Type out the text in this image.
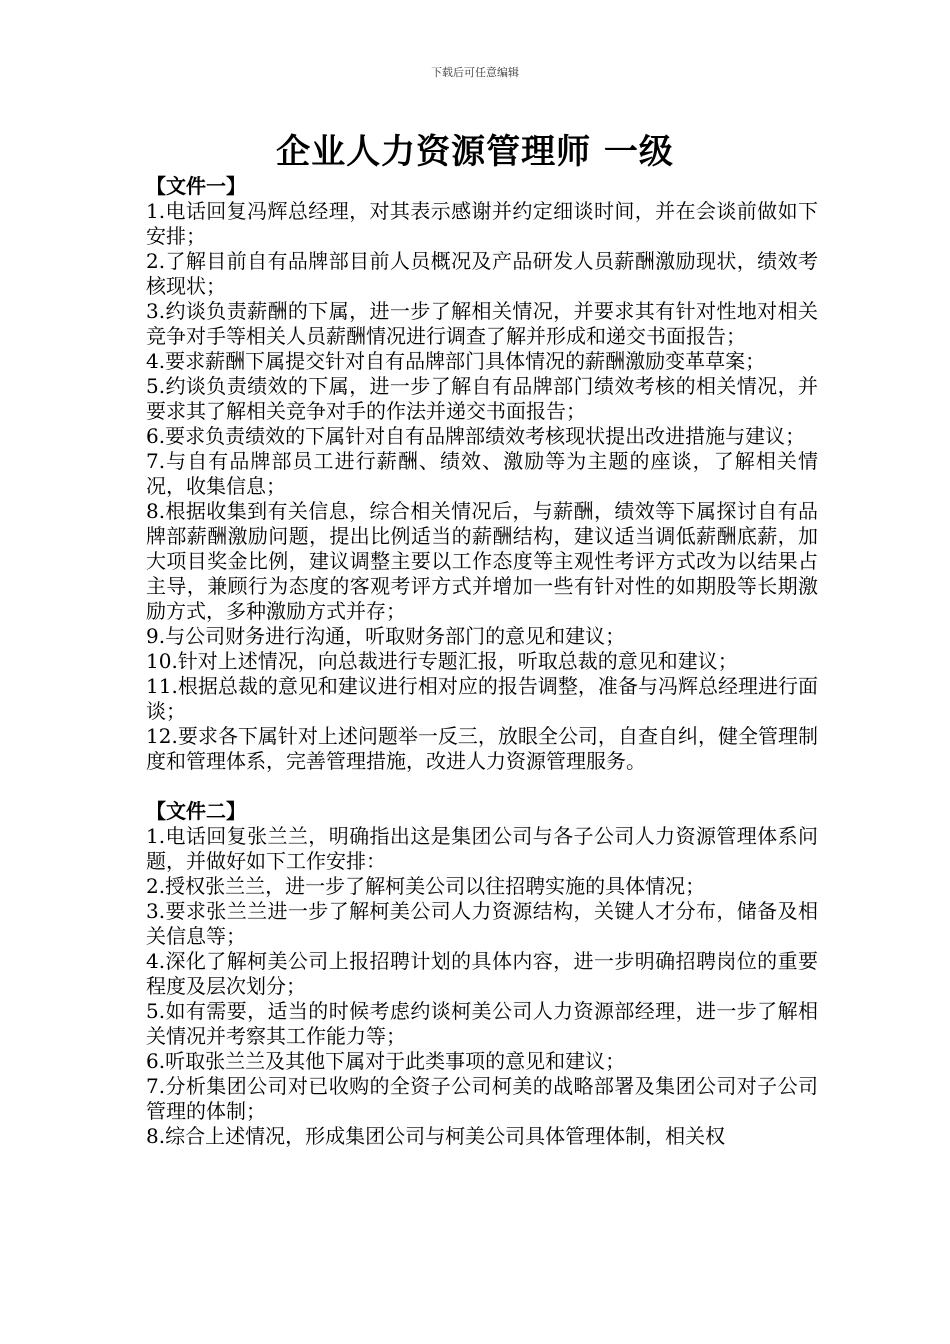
下载后可任意编辑
企业人力资源管理师 一级

【文件一】

1.电话回复冯辉总经理，对其表示感谢并约定细谈时间，并在会谈前做如下安排；

2.了解目前自有品牌部目前人员概况及产品研发人员薪酬激励现状，绩效考核现状；

3.约谈负责薪酬的下属，进一步了解相关情况，并要求其有针对性地对相关竞争对手等相关人员薪酬情况进行调查了解并形成和递交书面报告；

4.要求薪酬下属提交针对自有品牌部门具体情况的薪酬激励变革草案；

5.约谈负责绩效的下属，进一步了解自有品牌部门绩效考核的相关情况，并要求其了解相关竞争对手的作法并递交书面报告；

6.要求负责绩效的下属针对自有品牌部绩效考核现状提出改进措施与建议；

7.与自有品牌部员工进行薪酬、绩效、激励等为主题的座谈，了解相关情况，收集信息；

8.根据收集到有关信息，综合相关情况后，与薪酬，绩效等下属探讨自有品牌部薪酬激励问题，提出比例适当的薪酬结构，建议适当调低薪酬底薪，加大项目奖金比例，建议调整主要以工作态度等主观性考评方式改为以结果占主导，兼顾行为态度的客观考评方式并增加一些有针对性的如期股等长期激励方式，多种激励方式并存；

9.与公司财务进行沟通，听取财务部门的意见和建议；

10.针对上述情况，向总裁进行专题汇报，听取总裁的意见和建议；

11.根据总裁的意见和建议进行相对应的报告调整，准备与冯辉总经理进行面谈；

12.要求各下属针对上述问题举一反三，放眼全公司，自查自纠，健全管理制度和管理体系，完善管理措施，改进人力资源管理服务。

【文件二】

1.电话回复张兰兰，明确指出这是集团公司与各子公司人力资源管理体系问题，并做好如下工作安排：

2.授权张兰兰，进一步了解柯美公司以往招聘实施的具体情况；

3.要求张兰兰进一步了解柯美公司人力资源结构，关键人才分布，储备及相关信息等；

4.深化了解柯美公司上报招聘计划的具体内容，进一步明确招聘岗位的重要程度及层次划分；

5.如有需要，适当的时候考虑约谈柯美公司人力资源部经理，进一步了解相关情况并考察其工作能力等；

6.听取张兰兰及其他下属对于此类事项的意见和建议；

7.分析集团公司对已收购的全资子公司柯美的战略部署及集团公司对子公司管理的体制；

8.综合上述情况，形成集团公司与柯美公司具体管理体制，相关权
